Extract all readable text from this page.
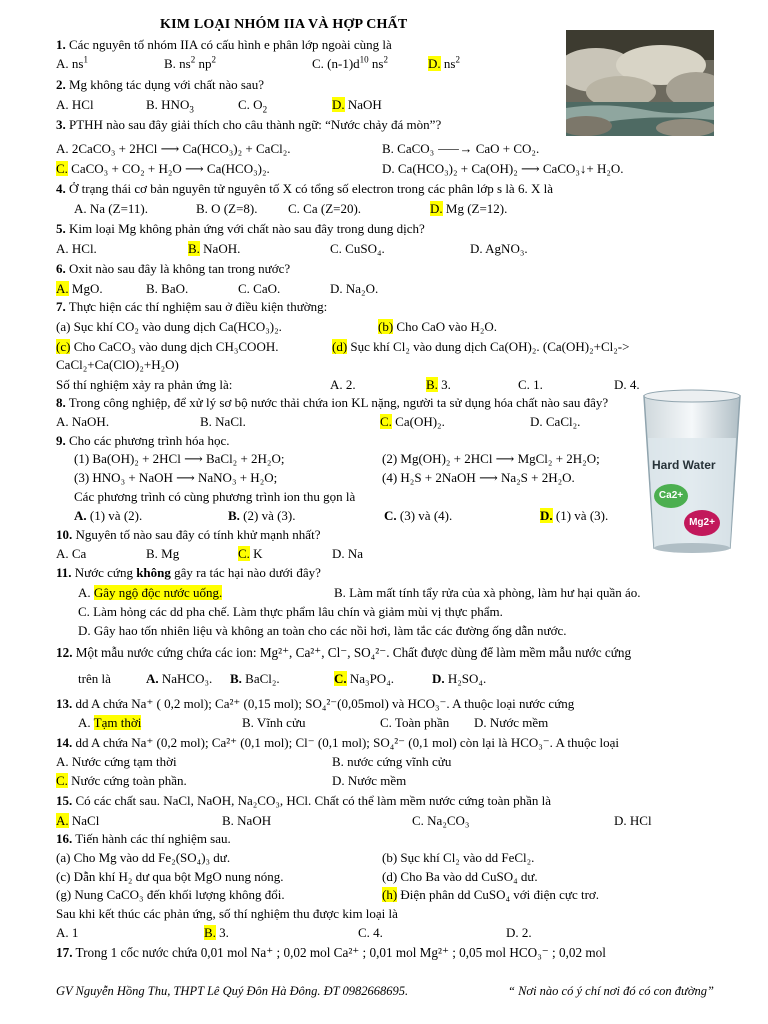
KIM LOẠI NHÓM IIA VÀ HỢP CHẤT
1. Các nguyên tố nhóm IIA có cấu hình e phân lớp ngoài cùng là
A. $ns^1$	B. $ns^2$ $np^2$	C. $(n-1)d^{10}$ $ns^2$	D. $ns^2$
2. Mg không tác dụng với chất nào sau?
A. HCl	B. $HNO_3$	C. $O_2$	D. NaOH
3. PTHH nào sau đây giải thích cho câu thành ngữ: “Nước chảy đá mòn”?
A. 2CaCO₃ + 2HCl ⟶ Ca(HCO₃)₂ + CaCl₂.	B. CaCO₃ ⸺→ CaO + CO₂.
C. CaCO₃ + CO₂ + H₂O ⟶ Ca(HCO₃)₂.	D. Ca(HCO₃)₂ + Ca(OH)₂ ⟶ CaCO₃↓+ H₂O.
4. Ở trạng thái cơ bản nguyên tử nguyên tố X có tổng số electron trong các phân lớp s là 6. X là
A. Na (Z=11).	B. O (Z=8). C. Ca (Z=20).	D. Mg (Z=12).
5. Kim loại Mg không phản ứng với chất nào sau đây trong dung dịch?
A. HCl.	B. NaOH.	C. CuSO₄.	D. AgNO₃.
6. Oxit nào sau đây là không tan trong nước?
A. MgO.	B. BaO.	C. CaO.	D. Na₂O.
7. Thực hiện các thí nghiệm sau ở điều kiện thường:
(a) Sục khí CO₂ vào dung dịch Ca(HCO₃)₂.	(b) Cho CaO vào H₂O.
(c) Cho CaCO₃ vào dung dịch CH₃COOH.	(d) Sục khí Cl₂ vào dung dịch Ca(OH)₂. (Ca(OH)₂+Cl₂->
CaCl₂+Ca(ClO)₂+H₂O)
Số thí nghiệm xảy ra phản ứng là:	A. 2.	B. 3.	C. 1.	D. 4.
8. Trong công nghiệp, để xử lý sơ bộ nước thải chứa ion KL nặng, người ta sử dụng hóa chất nào sau đây?
A. NaOH.	B. NaCl.	C. Ca(OH)₂.	D. CaCl₂.
9. Cho các phương trình hóa học.
(1) Ba(OH)₂ + 2HCl ⟶ BaCl₂ + 2H₂O;	(2) Mg(OH)₂ + 2HCl ⟶ MgCl₂ + 2H₂O;
(3) HNO₃ + NaOH ⟶ NaNO₃ + H₂O;	(4) H₂S + 2NaOH ⟶ Na₂S + 2H₂O.
Các phương trình có cùng phương trình ion thu gọn là
A. (1) và (2).	B. (2) và (3).	C. (3) và (4).	D. (1) và (3).
Hard Water
Ca2+
Mg2+
10. Nguyên tố nào sau đây có tính khử mạnh nhất?
A. Ca	B. Mg	C. K	D. Na
11. Nước cứng không gây ra tác hại nào dưới đây?
A. Gây ngộ độc nước uống.	B. Làm mất tính tẩy rửa của xà phòng, làm hư hại quần áo.
C. Làm hỏng các dd pha chế. Làm thực phẩm lâu chín và giảm mùi vị thực phẩm.
D. Gây hao tốn nhiên liệu và không an toàn cho các nồi hơi, làm tắc các đường ống dẫn nước.
12. Một mẫu nước cứng chứa các ion: Mg²⁺, Ca²⁺, Cl⁻, SO₄²⁻. Chất được dùng để làm mềm mẫu nước cứng
trên là	A. NaHCO₃. B. BaCl₂.	C. Na₃PO₄.	D. H₂SO₄.
13. dd A chứa Na⁺ ( 0,2 mol); Ca²⁺ (0,15 mol); SO₄²⁻(0,05mol) và HCO₃⁻. A thuộc loại nước cứng
A. Tạm thời	B. Vĩnh cửu	C. Toàn phần D. Nước mềm
14. dd A chứa Na⁺ (0,2 mol); Ca²⁺ (0,1 mol); Cl⁻ (0,1 mol); SO₄²⁻ (0,1 mol) còn lại là HCO₃⁻. A thuộc loại
A. Nước cứng tạm thời	B. nước cứng vĩnh cửu
C. Nước cứng toàn phần.	D. Nước mềm
15. Có các chất sau. NaCl, NaOH, Na₂CO₃, HCl. Chất có thể làm mềm nước cứng toàn phần là
A. NaCl	B. NaOH	C. Na₂CO₃	D. HCl
16. Tiến hành các thí nghiệm sau.
(a) Cho Mg vào dd Fe₂(SO₄)₃ dư.	(b) Sục khí Cl₂ vào dd FeCl₂.
(c) Dẫn khí H₂ dư qua bột MgO nung nóng.	(d) Cho Ba vào dd CuSO₄ dư.
(g) Nung CaCO₃ đến khối lượng không đổi.	(h) Điện phân dd CuSO₄ với điện cực trơ.
Sau khi kết thúc các phản ứng, số thí nghiệm thu được kim loại là
A. 1	B. 3.	C. 4.	D. 2.
17. Trong 1 cốc nước chứa 0,01 mol Na⁺ ; 0,02 mol Ca²⁺ ; 0,01 mol Mg²⁺ ; 0,05 mol HCO₃⁻ ; 0,02 mol
GV Nguyễn Hồng Thu, THPT Lê Quý Đôn Hà Đông. ĐT 0982668695.	“ Nơi nào có ý chí nơi đó có con đường”
